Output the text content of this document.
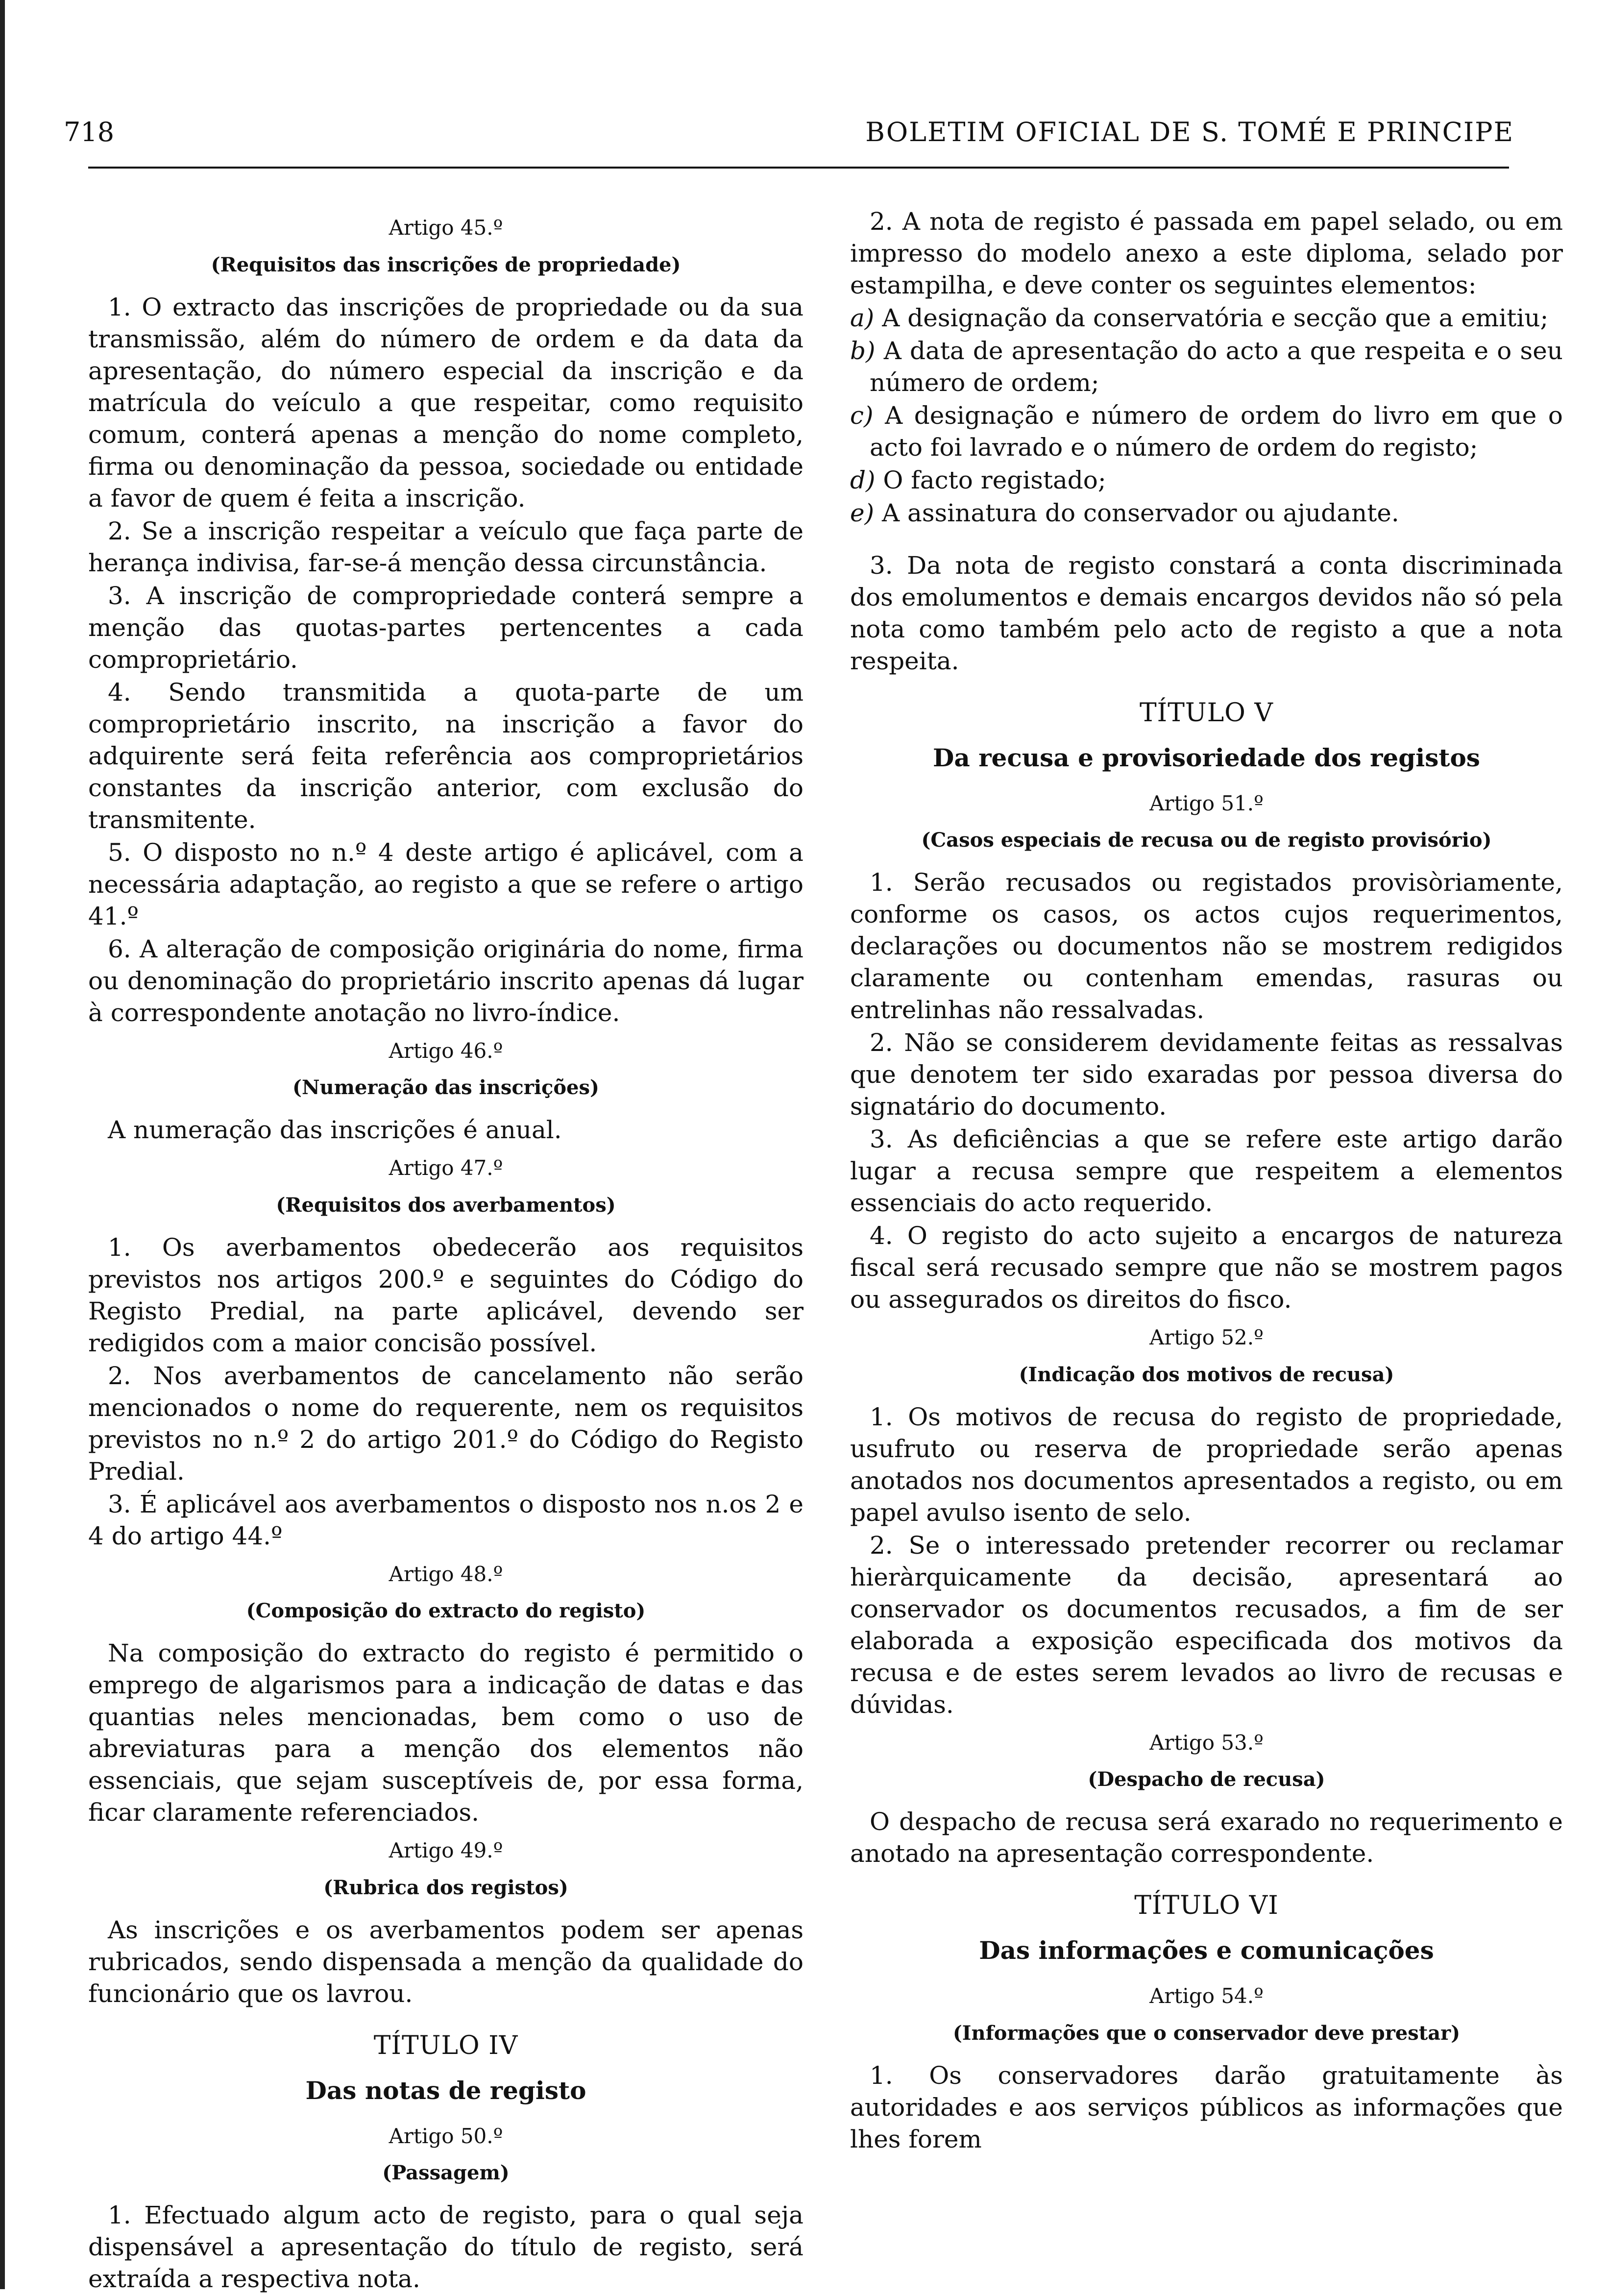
718	BOLETIM OFICIAL DE S. TOMÉ E PRINCIPE
Artigo 45.º
(Requisitos das inscrições de propriedade)

1. O extracto das inscrições de propriedade ou da sua transmissão, além do número de ordem e da data da apresentação, do número especial da inscrição e da matrícula do veículo a que respeitar, como requisito comum, conterá apenas a menção do nome completo, firma ou denominação da pessoa, sociedade ou entidade a favor de quem é feita a inscrição.

2. Se a inscrição respeitar a veículo que faça parte de herança indivisa, far-se-á menção dessa circunstância.

3. A inscrição de compropriedade conterá sempre a menção das quotas-partes pertencentes a cada comproprietário.

4. Sendo transmitida a quota-parte de um comproprietário inscrito, na inscrição a favor do adquirente será feita referência aos comproprietários constantes da inscrição anterior, com exclusão do transmitente.

5. O disposto no n.º 4 deste artigo é aplicável, com a necessária adaptação, ao registo a que se refere o artigo 41.º

6. A alteração de composição originária do nome, firma ou denominação do proprietário inscrito apenas dá lugar à correspondente anotação no livro-índice.

Artigo 46.º
(Numeração das inscrições)

A numeração das inscrições é anual.

Artigo 47.º
(Requisitos dos averbamentos)

1. Os averbamentos obedecerão aos requisitos previstos nos artigos 200.º e seguintes do Código do Registo Predial, na parte aplicável, devendo ser redigidos com a maior concisão possível.

2. Nos averbamentos de cancelamento não serão mencionados o nome do requerente, nem os requisitos previstos no n.º 2 do artigo 201.º do Código do Registo Predial.

3. É aplicável aos averbamentos o disposto nos n.os 2 e 4 do artigo 44.º

Artigo 48.º
(Composição do extracto do registo)

Na composição do extracto do registo é permitido o emprego de algarismos para a indicação de datas e das quantias neles mencionadas, bem como o uso de abreviaturas para a menção dos elementos não essenciais, que sejam susceptíveis de, por essa forma, ficar claramente referenciados.

Artigo 49.º
(Rubrica dos registos)

As inscrições e os averbamentos podem ser apenas rubricados, sendo dispensada a menção da qualidade do funcionário que os lavrou.

TÍTULO IV
Das notas de registo
Artigo 50.º
(Passagem)

1. Efectuado algum acto de registo, para o qual seja dispensável a apresentação do título de registo, será extraída a respectiva nota.

2. A nota de registo é passada em papel selado, ou em impresso do modelo anexo a este diploma, selado por estampilha, e deve conter os seguintes elementos:

a) A designação da conservatória e secção que a emitiu;
b) A data de apresentação do acto a que respeita e o seu número de ordem;
c) A designação e número de ordem do livro em que o acto foi lavrado e o número de ordem do registo;
d) O facto registado;
e) A assinatura do conservador ou ajudante.

3. Da nota de registo constará a conta discriminada dos emolumentos e demais encargos devidos não só pela nota como também pelo acto de registo a que a nota respeita.

TÍTULO V
Da recusa e provisoriedade dos registos
Artigo 51.º
(Casos especiais de recusa ou de registo provisório)

1. Serão recusados ou registados provisòriamente, conforme os casos, os actos cujos requerimentos, declarações ou documentos não se mostrem redigidos claramente ou contenham emendas, rasuras ou entrelinhas não ressalvadas.

2. Não se considerem devidamente feitas as ressalvas que denotem ter sido exaradas por pessoa diversa do signatário do documento.

3. As deficiências a que se refere este artigo darão lugar a recusa sempre que respeitem a elementos essenciais do acto requerido.

4. O registo do acto sujeito a encargos de natureza fiscal será recusado sempre que não se mostrem pagos ou assegurados os direitos do fisco.

Artigo 52.º
(Indicação dos motivos de recusa)

1. Os motivos de recusa do registo de propriedade, usufruto ou reserva de propriedade serão apenas anotados nos documentos apresentados a registo, ou em papel avulso isento de selo.

2. Se o interessado pretender recorrer ou reclamar hieràrquicamente da decisão, apresentará ao conservador os documentos recusados, a fim de ser elaborada a exposição especificada dos motivos da recusa e de estes serem levados ao livro de recusas e dúvidas.

Artigo 53.º
(Despacho de recusa)

O despacho de recusa será exarado no requerimento e anotado na apresentação correspondente.

TÍTULO VI
Das informações e comunicações
Artigo 54.º
(Informações que o conservador deve prestar)

1. Os conservadores darão gratuitamente às autoridades e aos serviços públicos as informações que lhes forem
